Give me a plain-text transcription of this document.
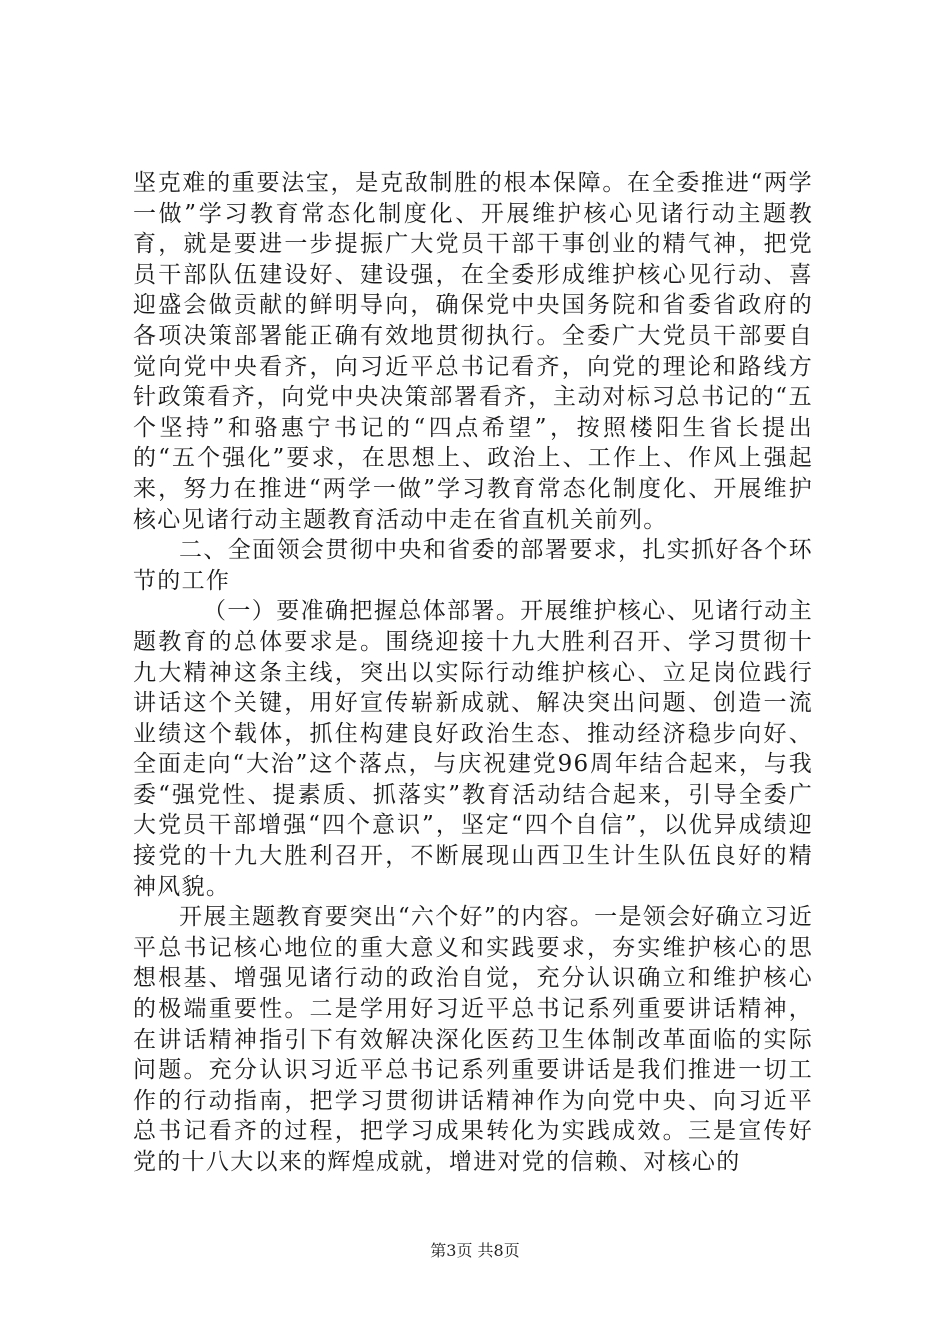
坚克难的重要法宝，是克敌制胜的根本保障。在全委推进“两学一做”学习教育常态化制度化、开展维护核心见诸行动主题教育，就是要进一步提振广大党员干部干事创业的精气神，把党员干部队伍建设好、建设强，在全委形成维护核心见行动、喜迎盛会做贡献的鲜明导向，确保党中央国务院和省委省政府的各项决策部署能正确有效地贯彻执行。全委广大党员干部要自觉向党中央看齐，向习近平总书记看齐，向党的理论和路线方针政策看齐，向党中央决策部署看齐，主动对标习总书记的“五个坚持”和骆惠宁书记的“四点希望”，按照楼阳生省长提出的“五个强化”要求，在思想上、政治上、工作上、作风上强起来，努力在推进“两学一做”学习教育常态化制度化、开展维护核心见诸行动主题教育活动中走在省直机关前列。

二、全面领会贯彻中央和省委的部署要求，扎实抓好各个环节的工作

（一）要准确把握总体部署。开展维护核心、见诸行动主题教育的总体要求是。围绕迎接十九大胜利召开、学习贯彻十九大精神这条主线，突出以实际行动维护核心、立足岗位践行讲话这个关键，用好宣传崭新成就、解决突出问题、创造一流业绩这个载体，抓住构建良好政治生态、推动经济稳步向好、全面走向“大治”这个落点，与庆祝建党96周年结合起来，与我委“强党性、提素质、抓落实”教育活动结合起来，引导全委广大党员干部增强“四个意识”，坚定“四个自信”，以优异成绩迎接党的十九大胜利召开，不断展现山西卫生计生队伍良好的精神风貌。

开展主题教育要突出“六个好”的内容。一是领会好确立习近平总书记核心地位的重大意义和实践要求，夯实维护核心的思想根基、增强见诸行动的政治自觉，充分认识确立和维护核心的极端重要性。二是学用好习近平总书记系列重要讲话精神，在讲话精神指引下有效解决深化医药卫生体制改革面临的实际问题。充分认识习近平总书记系列重要讲话是我们推进一切工作的行动指南，把学习贯彻讲话精神作为向党中央、向习近平总书记看齐的过程，把学习成果转化为实践成效。三是宣传好党的十八大以来的辉煌成就，增进对党的信赖、对核心的

第3页 共8页
